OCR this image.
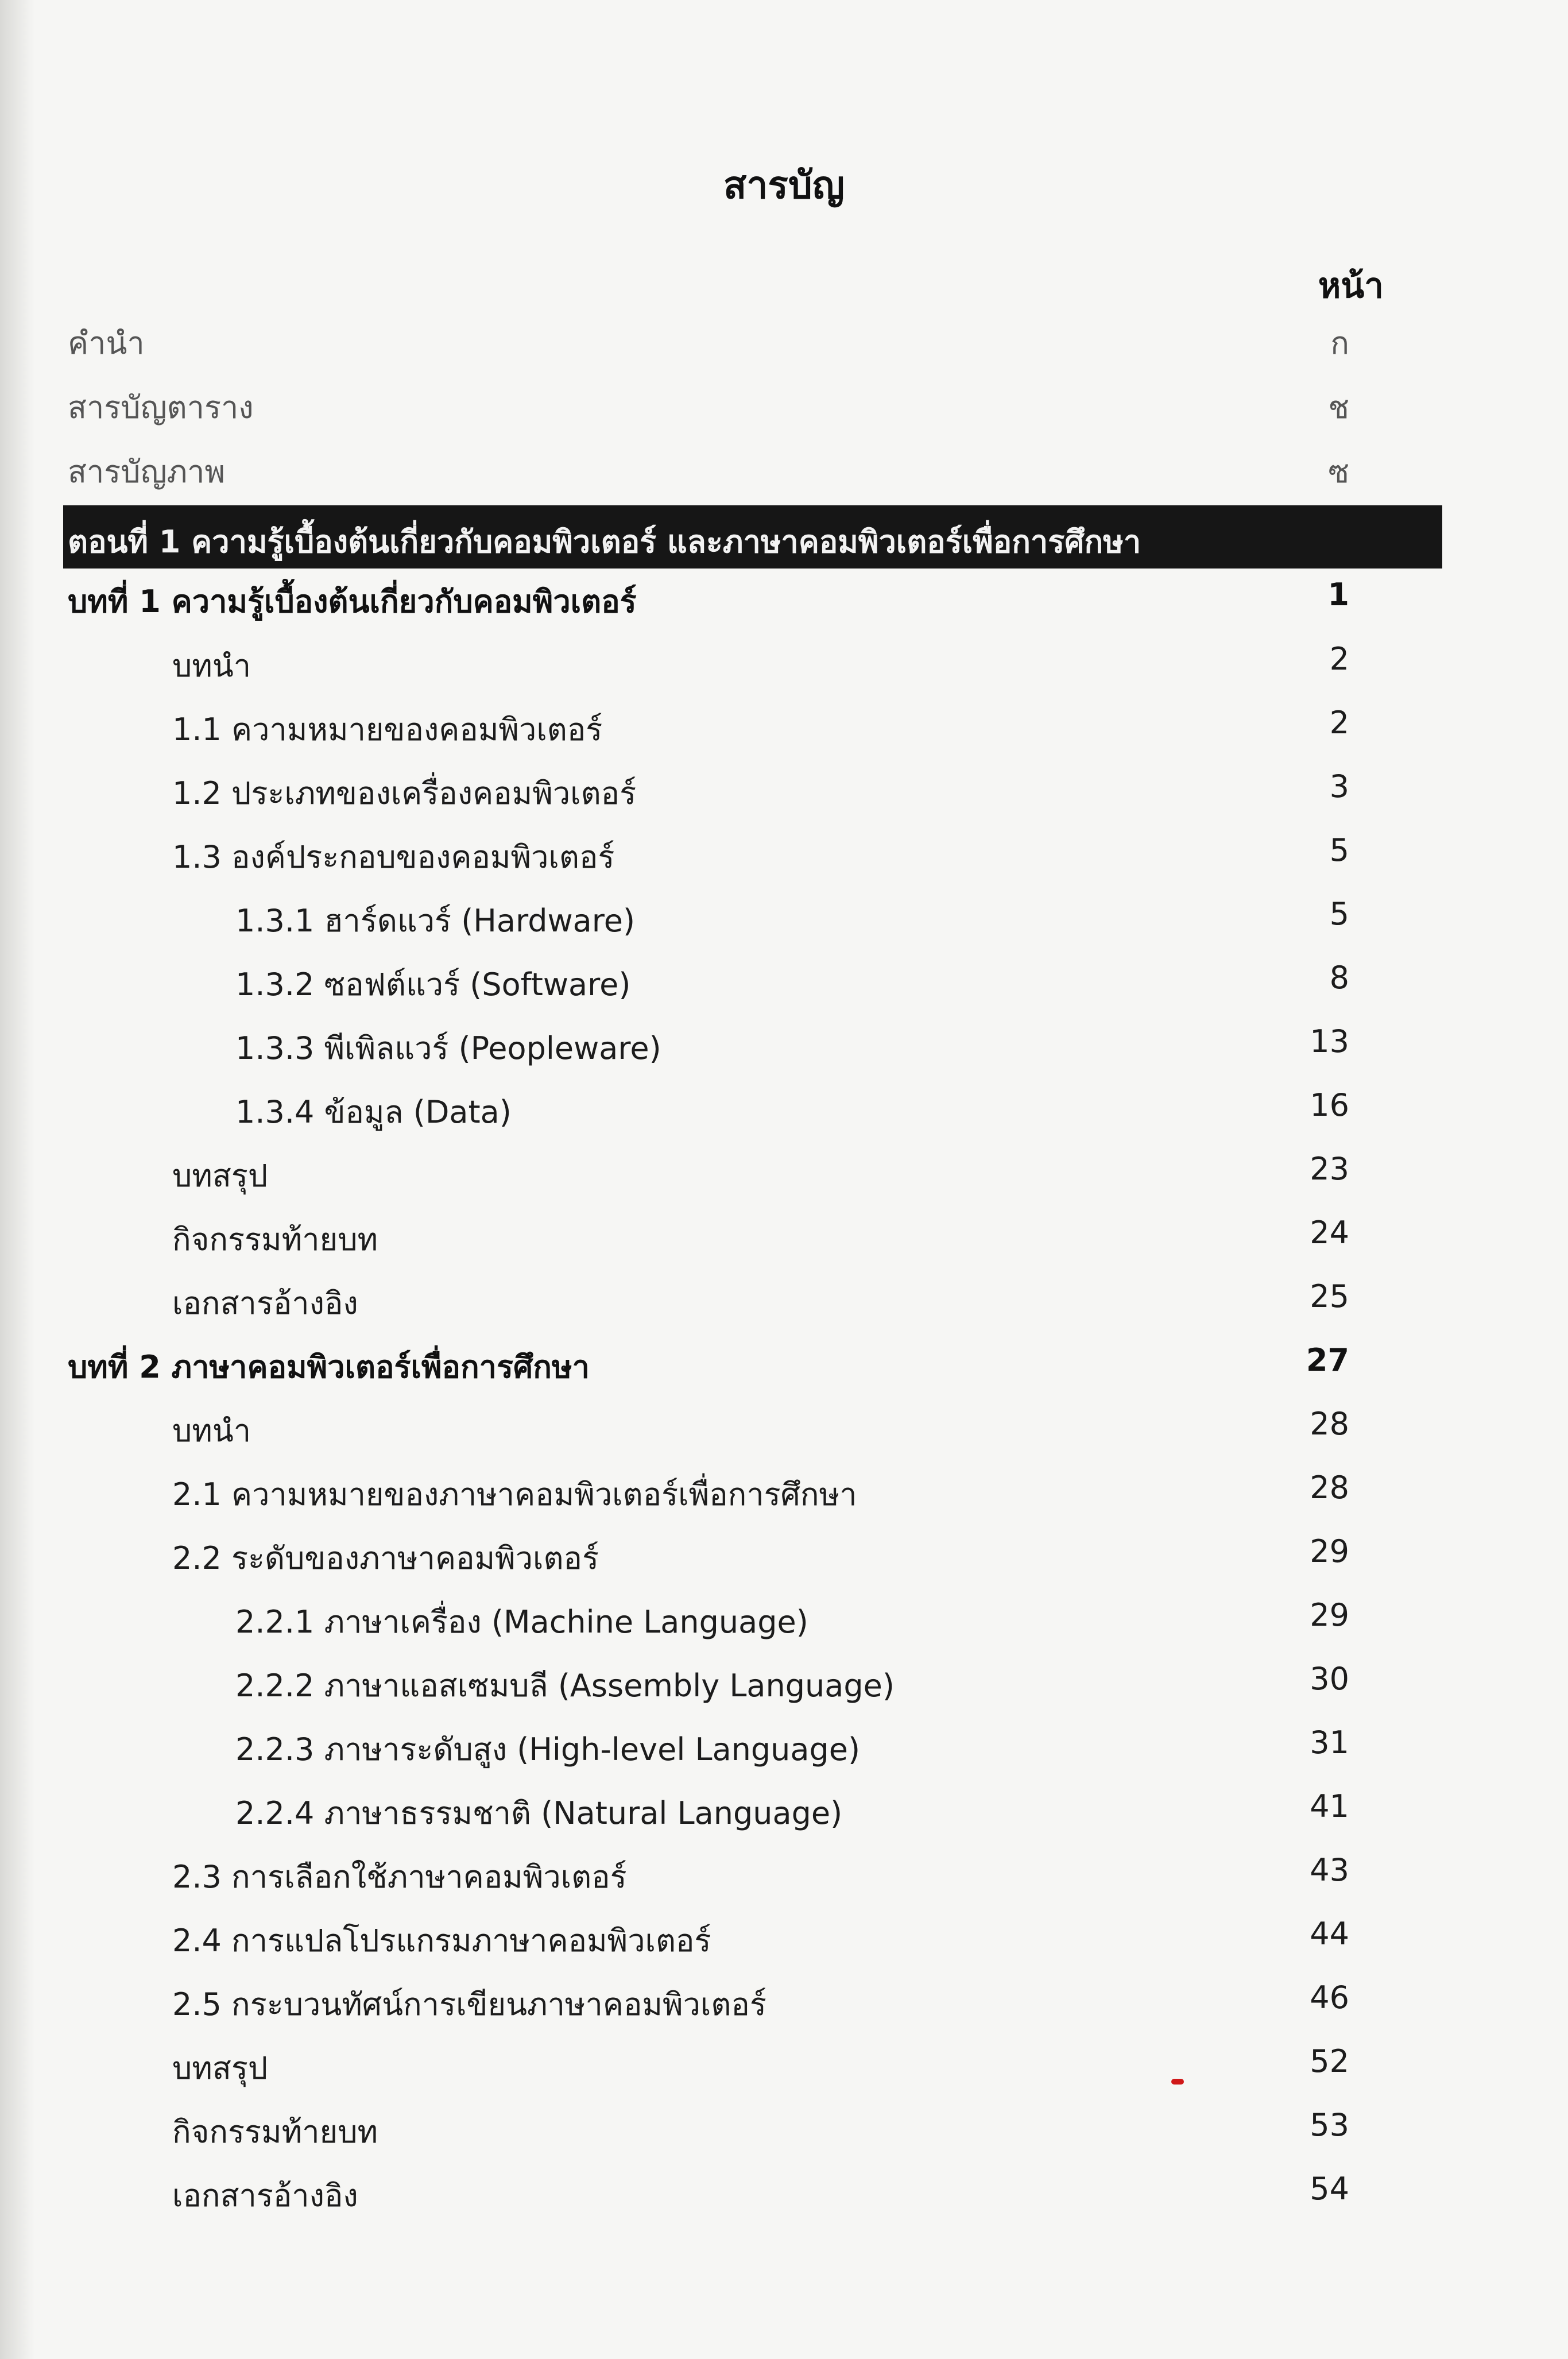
สารบัญ
หน้า
คำนำ	ก
สารบัญตาราง	ช
สารบัญภาพ	ซ
ตอนที่ 1 ความรู้เบื้องต้นเกี่ยวกับคอมพิวเตอร์ และภาษาคอมพิวเตอร์เพื่อการศึกษา
บทที่ 1 ความรู้เบื้องต้นเกี่ยวกับคอมพิวเตอร์	1
บทนำ	2
1.1 ความหมายของคอมพิวเตอร์	2
1.2 ประเภทของเครื่องคอมพิวเตอร์	3
1.3 องค์ประกอบของคอมพิวเตอร์	5
1.3.1 ฮาร์ดแวร์ (Hardware)	5
1.3.2 ซอฟต์แวร์ (Software)	8
1.3.3 พีเพิลแวร์ (Peopleware)	13
1.3.4 ข้อมูล (Data)	16
บทสรุป	23
กิจกรรมท้ายบท	24
เอกสารอ้างอิง	25
บทที่ 2 ภาษาคอมพิวเตอร์เพื่อการศึกษา	27
บทนำ	28
2.1 ความหมายของภาษาคอมพิวเตอร์เพื่อการศึกษา	28
2.2 ระดับของภาษาคอมพิวเตอร์	29
2.2.1 ภาษาเครื่อง (Machine Language)	29
2.2.2 ภาษาแอสเซมบลี (Assembly Language)	30
2.2.3 ภาษาระดับสูง (High-level Language)	31
2.2.4 ภาษาธรรมชาติ (Natural Language)	41
2.3 การเลือกใช้ภาษาคอมพิวเตอร์	43
2.4 การแปลโปรแกรมภาษาคอมพิวเตอร์	44
2.5 กระบวนทัศน์การเขียนภาษาคอมพิวเตอร์	46
บทสรุป	52
กิจกรรมท้ายบท	53
เอกสารอ้างอิง	54
